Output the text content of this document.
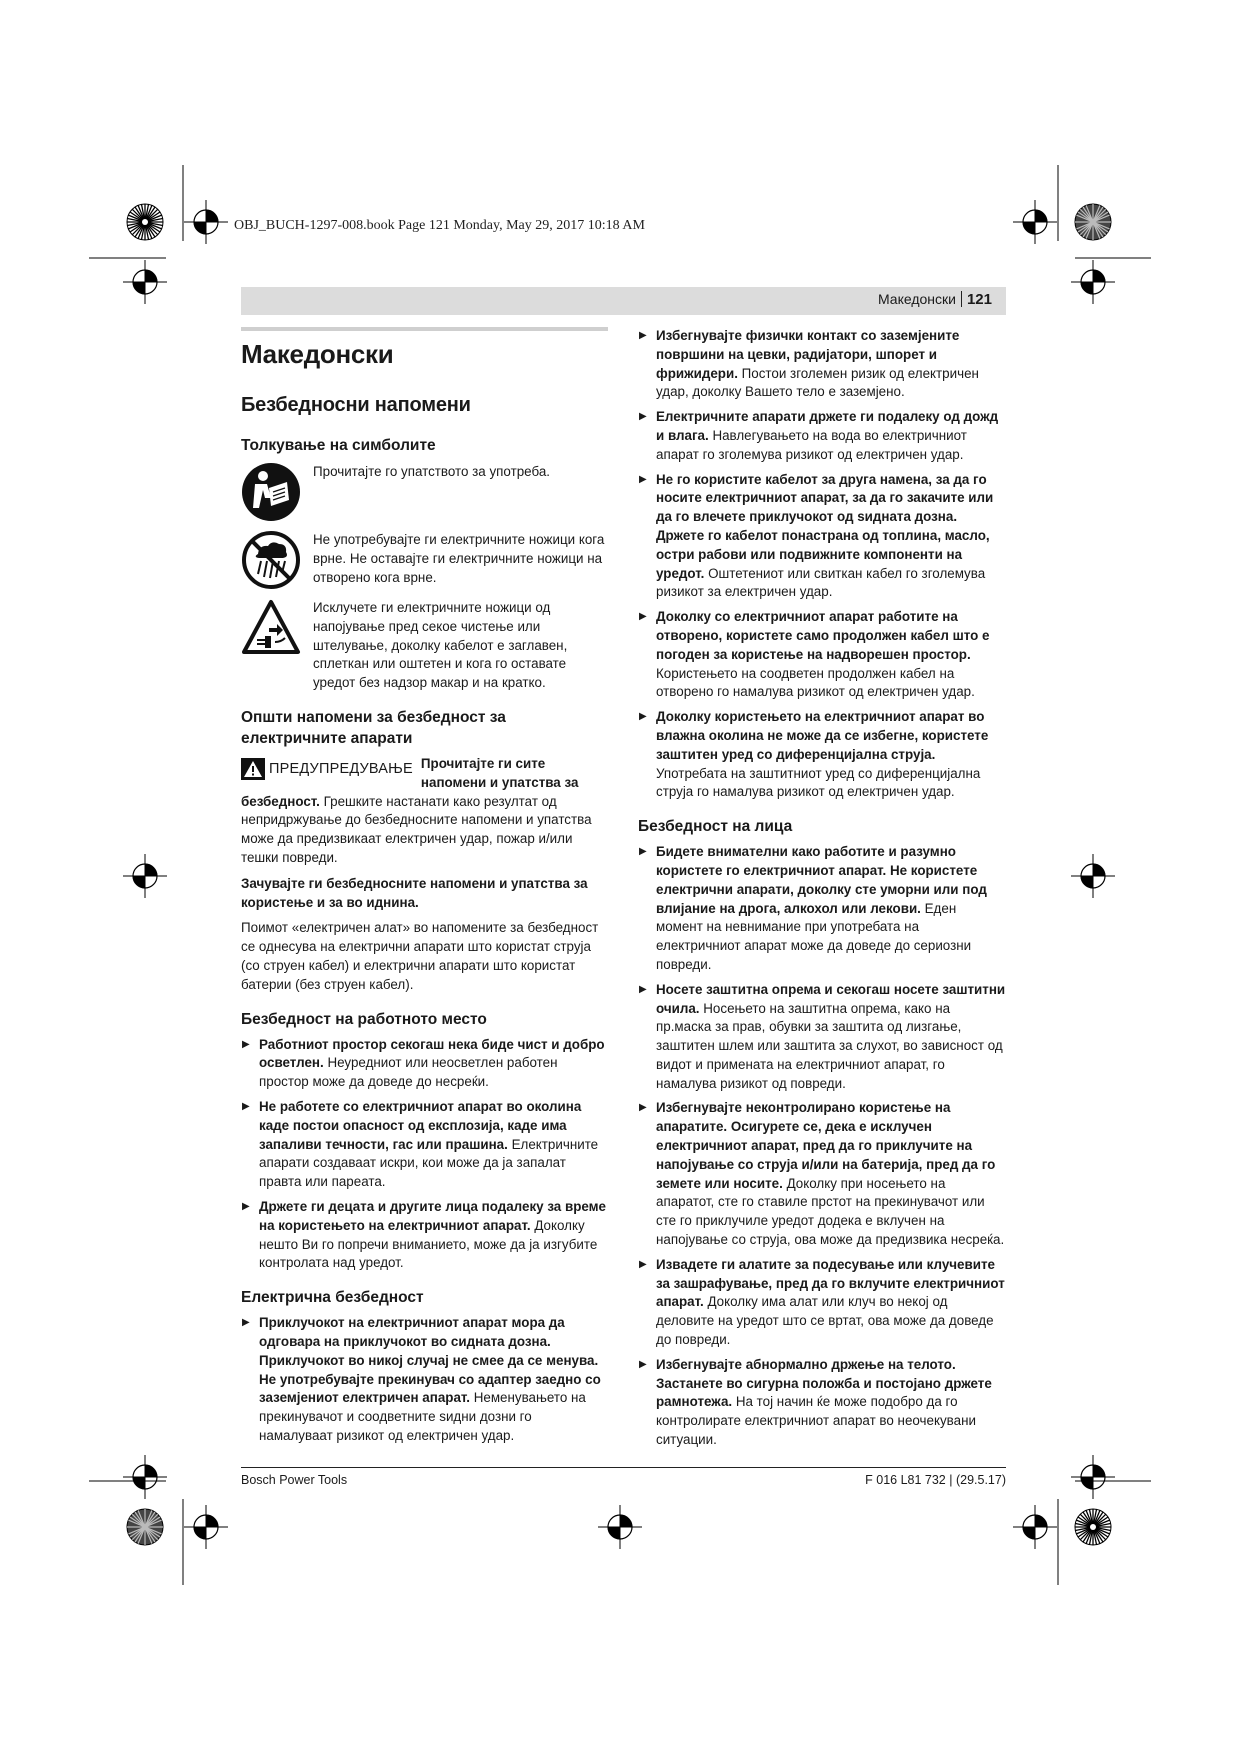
OBJ_BUCH-1297-008.book Page 121 Monday, May 29, 2017 10:18 AM
Македонски 121
Македонски
Безбедносни напомени
Толкување на симболите
Прочитајте го упатството за употреба.
Не употребувајте ги електричните ножици кога врне. Не оставајте ги електричните ножици на отворено кога врне.
Исклучете ги електричните ножици од напојување пред секое чистење или штелување, доколку кабелот е заглавен, сплеткан или оштетен и кога го оставате уредот без надзор макар и на кратко.
Општи напомени за безбедност за електричните апарати
ПРЕДУПРЕДУВАЊЕ Прочитајте ги сите напомени и упатства за безбедност. Грешките настанати како резултат од непридржување до безбедносните напомени и упатства може да предизвикаат електричен удар, пожар и/или тешки повреди.

Зачувајте ги безбедносните напомени и упатства за користење и за во иднина.

Поимот «електричен алат» во напомените за безбедност се однесува на електрични апарати што користат струја (со струен кабел) и електрични апарати што користат батерии (без струен кабел).

Безбедност на работното место
▶ Работниот простор секогаш нека биде чист и добро осветлен. Неуредниот или неосветлен работен простор може да доведе до несреќи.
▶ Не работете со електричниот апарат во околина каде постои опасност од експлозија, каде има запаливи течности, гас или прашина. Електричните апарати создаваат искри, кои може да ја запалат правта или пареата.
▶ Држете ги децата и другите лица подалеку за време на користењето на електричниот апарат. Доколку нешто Ви го попречи вниманието, може да ја изгубите контролата над уредот.
Електрична безбедност
▶ Приклучокот на електричниот апарат мора да одговара на приклучокот во сидната дозна. Приклучокот во никој случај не смее да се менува. Не употребувајте прекинувач со адаптер заедно со заземјениот електричен апарат. Неменувањето на прекинувачот и соодветните sидни дозни го намалуваат ризикот од електричен удар.
▶ Избегнувајте физички контакт со заземјените површини на цевки, радијатори, шпорет и фрижидери. Постои зголемен ризик од електричен удар, доколку Вашето тело е заземјено.
▶ Електричните апарати држете ги подалеку од дожд и влага. Навлегувањето на вода во електричниот апарат го зголемува ризикот од електричен удар.
▶ Не го користите кабелот за друга намена, за да го носите електричниот апарат, за да го закачите или да го влечете приклучокот од sидната дозна. Држете го кабелот понастрана од топлина, масло, остри рабови или подвижните компоненти на уредот. Оштетениот или свиткан кабел го зголемува ризикот за електричен удар.
▶ Доколку со електричниот апарат работите на отворено, користете само продолжен кабел што е погоден за користење на надворешен простор. Користењето на соодветен продолжен кабел на отворено го намалува ризикот од електричен удар.
▶ Доколку користењето на електричниот апарат во влажна околина не може да се избегне, користете заштитен уред со диференцијална струја. Употребата на заштитниот уред со диференцијална струја го намалува ризикот од електричен удар.
Безбедност на лица
▶ Бидете внимателни како работите и разумно користете го електричниот апарат. Не користете електрични апарати, доколку сте уморни или под влијание на дрога, алкохол или лекови. Еден момент на невнимание при употребата на електричниот апарат може да доведе до сериозни повреди.
▶ Носете заштитна опрема и секогаш носете заштитни очила. Носењето на заштитна опрема, како на пр.маска за прав, обувки за заштита од лизгање, заштитен шлем или заштита за слухот, во зависност од видот и примената на електричниот апарат, го намалува ризикот од повреди.
▶ Избегнувајте неконтролирано користење на апаратите. Осигурете се, дека е исклучен електричниот апарат, пред да го приклучите на напојување со струја и/или на батерија, пред да го земете или носите. Доколку при носењето на апаратот, сте го ставиле прстот на прекинувачот или сте го приклучиле уредот додека е вклучен на напојување со струја, ова може да предизвика несреќа.
▶ Извадете ги алатите за подесување или клучевите за зашрафување, пред да го вклучите електричниот апарат. Доколку има алат или клуч во некој од деловите на уредот што се вртат, ова може да доведе до повреди.
▶ Избегнувајте абнормално држење на телото. Застанете во сигурна положба и постојано држете рамнотежа. На тој начин ќе може подобро да го контролирате електричниот апарат во неочекувани ситуации.
Bosch Power Tools	F 016 L81 732 | (29.5.17)
